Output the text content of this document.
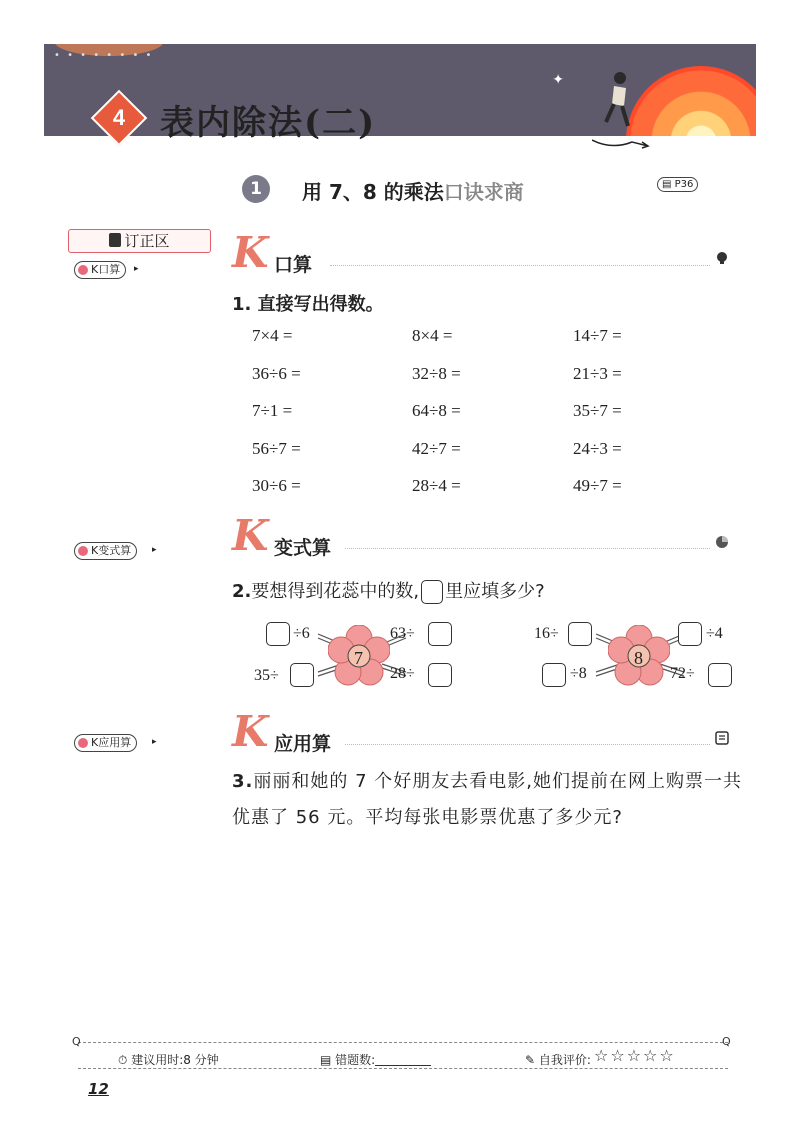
• • • • • • • •
✦
4	表内除法(二)
1	用 7、8 的乘法口诀求商	▤ P36
订正区
K口算	▸
K变式算	▸
K应用算	▸
K 口算
1. 直接写出得数。
7×4 =	8×4 =	14÷7 =
36÷6 =	32÷8 =	21÷3 =
7÷1 =	64÷8 =	35÷7 =
56÷7 =	42÷7 =	24÷3 =
30÷6 =	28÷4 =	49÷7 =
K 变式算
2.要想得到花蕊中的数, 里应填多少?
7
÷6	63÷
35÷	28÷
8
16÷	÷4
÷8	72÷
K 应用算
3.丽丽和她的 7 个好朋友去看电影,她们提前在网上购票一共优惠了 56 元。平均每张电影票优惠了多少元?
Q	Q
⏱ 建议用时:8 分钟	▤ 错题数:	✎ 自我评价: ☆ ☆ ☆ ☆ ☆
12
